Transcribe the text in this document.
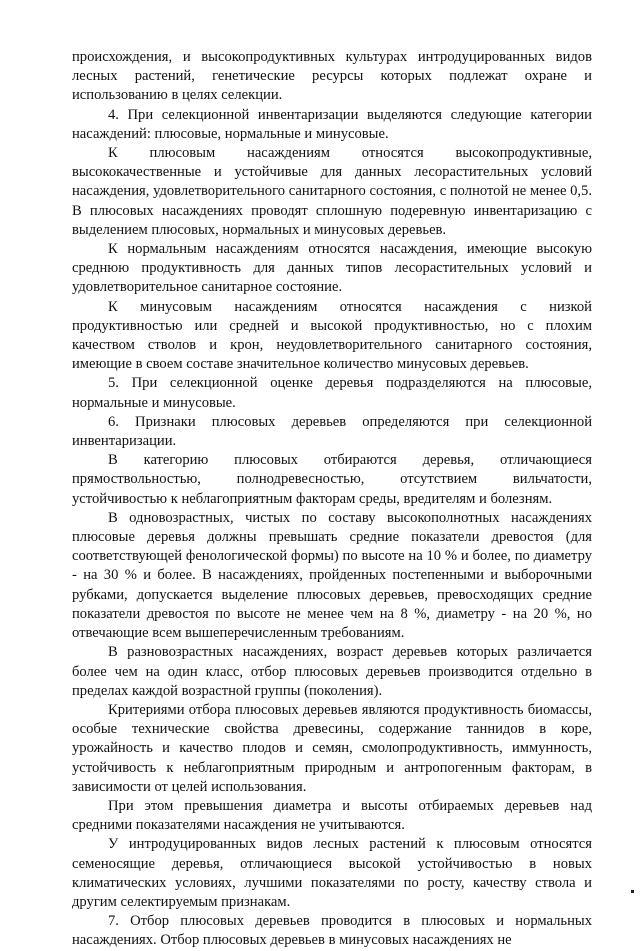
происхождения, и высокопродуктивных культурах интродуцированных видов лесных растений, генетические ресурсы которых подлежат охране и использованию в целях селекции.

4. При селекционной инвентаризации выделяются следующие категории насаждений: плюсовые, нормальные и минусовые.

К плюсовым насаждениям относятся высокопродуктивные, высококачественные и устойчивые для данных лесорастительных условий насаждения, удовлетворительного санитарного состояния, с полнотой не менее 0,5. В плюсовых насаждениях проводят сплошную подеревную инвентаризацию с выделением плюсовых, нормальных и минусовых деревьев.

К нормальным насаждениям относятся насаждения, имеющие высокую среднюю продуктивность для данных типов лесорастительных условий и удовлетворительное санитарное состояние.

К минусовым насаждениям относятся насаждения с низкой продуктивностью или средней и высокой продуктивностью, но с плохим качеством стволов и крон, неудовлетворительного санитарного состояния, имеющие в своем составе значительное количество минусовых деревьев.

5. При селекционной оценке деревья подразделяются на плюсовые, нормальные и минусовые.

6. Признаки плюсовых деревьев определяются при селекционной инвентаризации.

В категорию плюсовых отбираются деревья, отличающиеся прямоствольностью, полнодревесностью, отсутствием вильчатости, устойчивостью к неблагоприятным факторам среды, вредителям и болезням.

В одновозрастных, чистых по составу высокополнотных насаждениях плюсовые деревья должны превышать средние показатели древостоя (для соответствующей фенологической формы) по высоте на 10 % и более, по диаметру - на 30 % и более. В насаждениях, пройденных постепенными и выборочными рубками, допускается выделение плюсовых деревьев, превосходящих средние показатели древостоя по высоте не менее чем на 8 %, диаметру - на 20 %, но отвечающие всем вышеперечисленным требованиям.

В разновозрастных насаждениях, возраст деревьев которых различается более чем на один класс, отбор плюсовых деревьев производится отдельно в пределах каждой возрастной группы (поколения).

Критериями отбора плюсовых деревьев являются продуктивность биомассы, особые технические свойства древесины, содержание таннидов в коре, урожайность и качество плодов и семян, смолопродуктивность, иммунность, устойчивость к неблагоприятным природным и антропогенным факторам, в зависимости от целей использования.

При этом превышения диаметра и высоты отбираемых деревьев над средними показателями насаждения не учитываются.

У интродуцированных видов лесных растений к плюсовым относятся семеносящие деревья, отличающиеся высокой устойчивостью в новых климатических условиях, лучшими показателями по росту, качеству ствола и другим селектируемым признакам.

7. Отбор плюсовых деревьев проводится в плюсовых и нормальных насаждениях. Отбор плюсовых деревьев в минусовых насаждениях не
